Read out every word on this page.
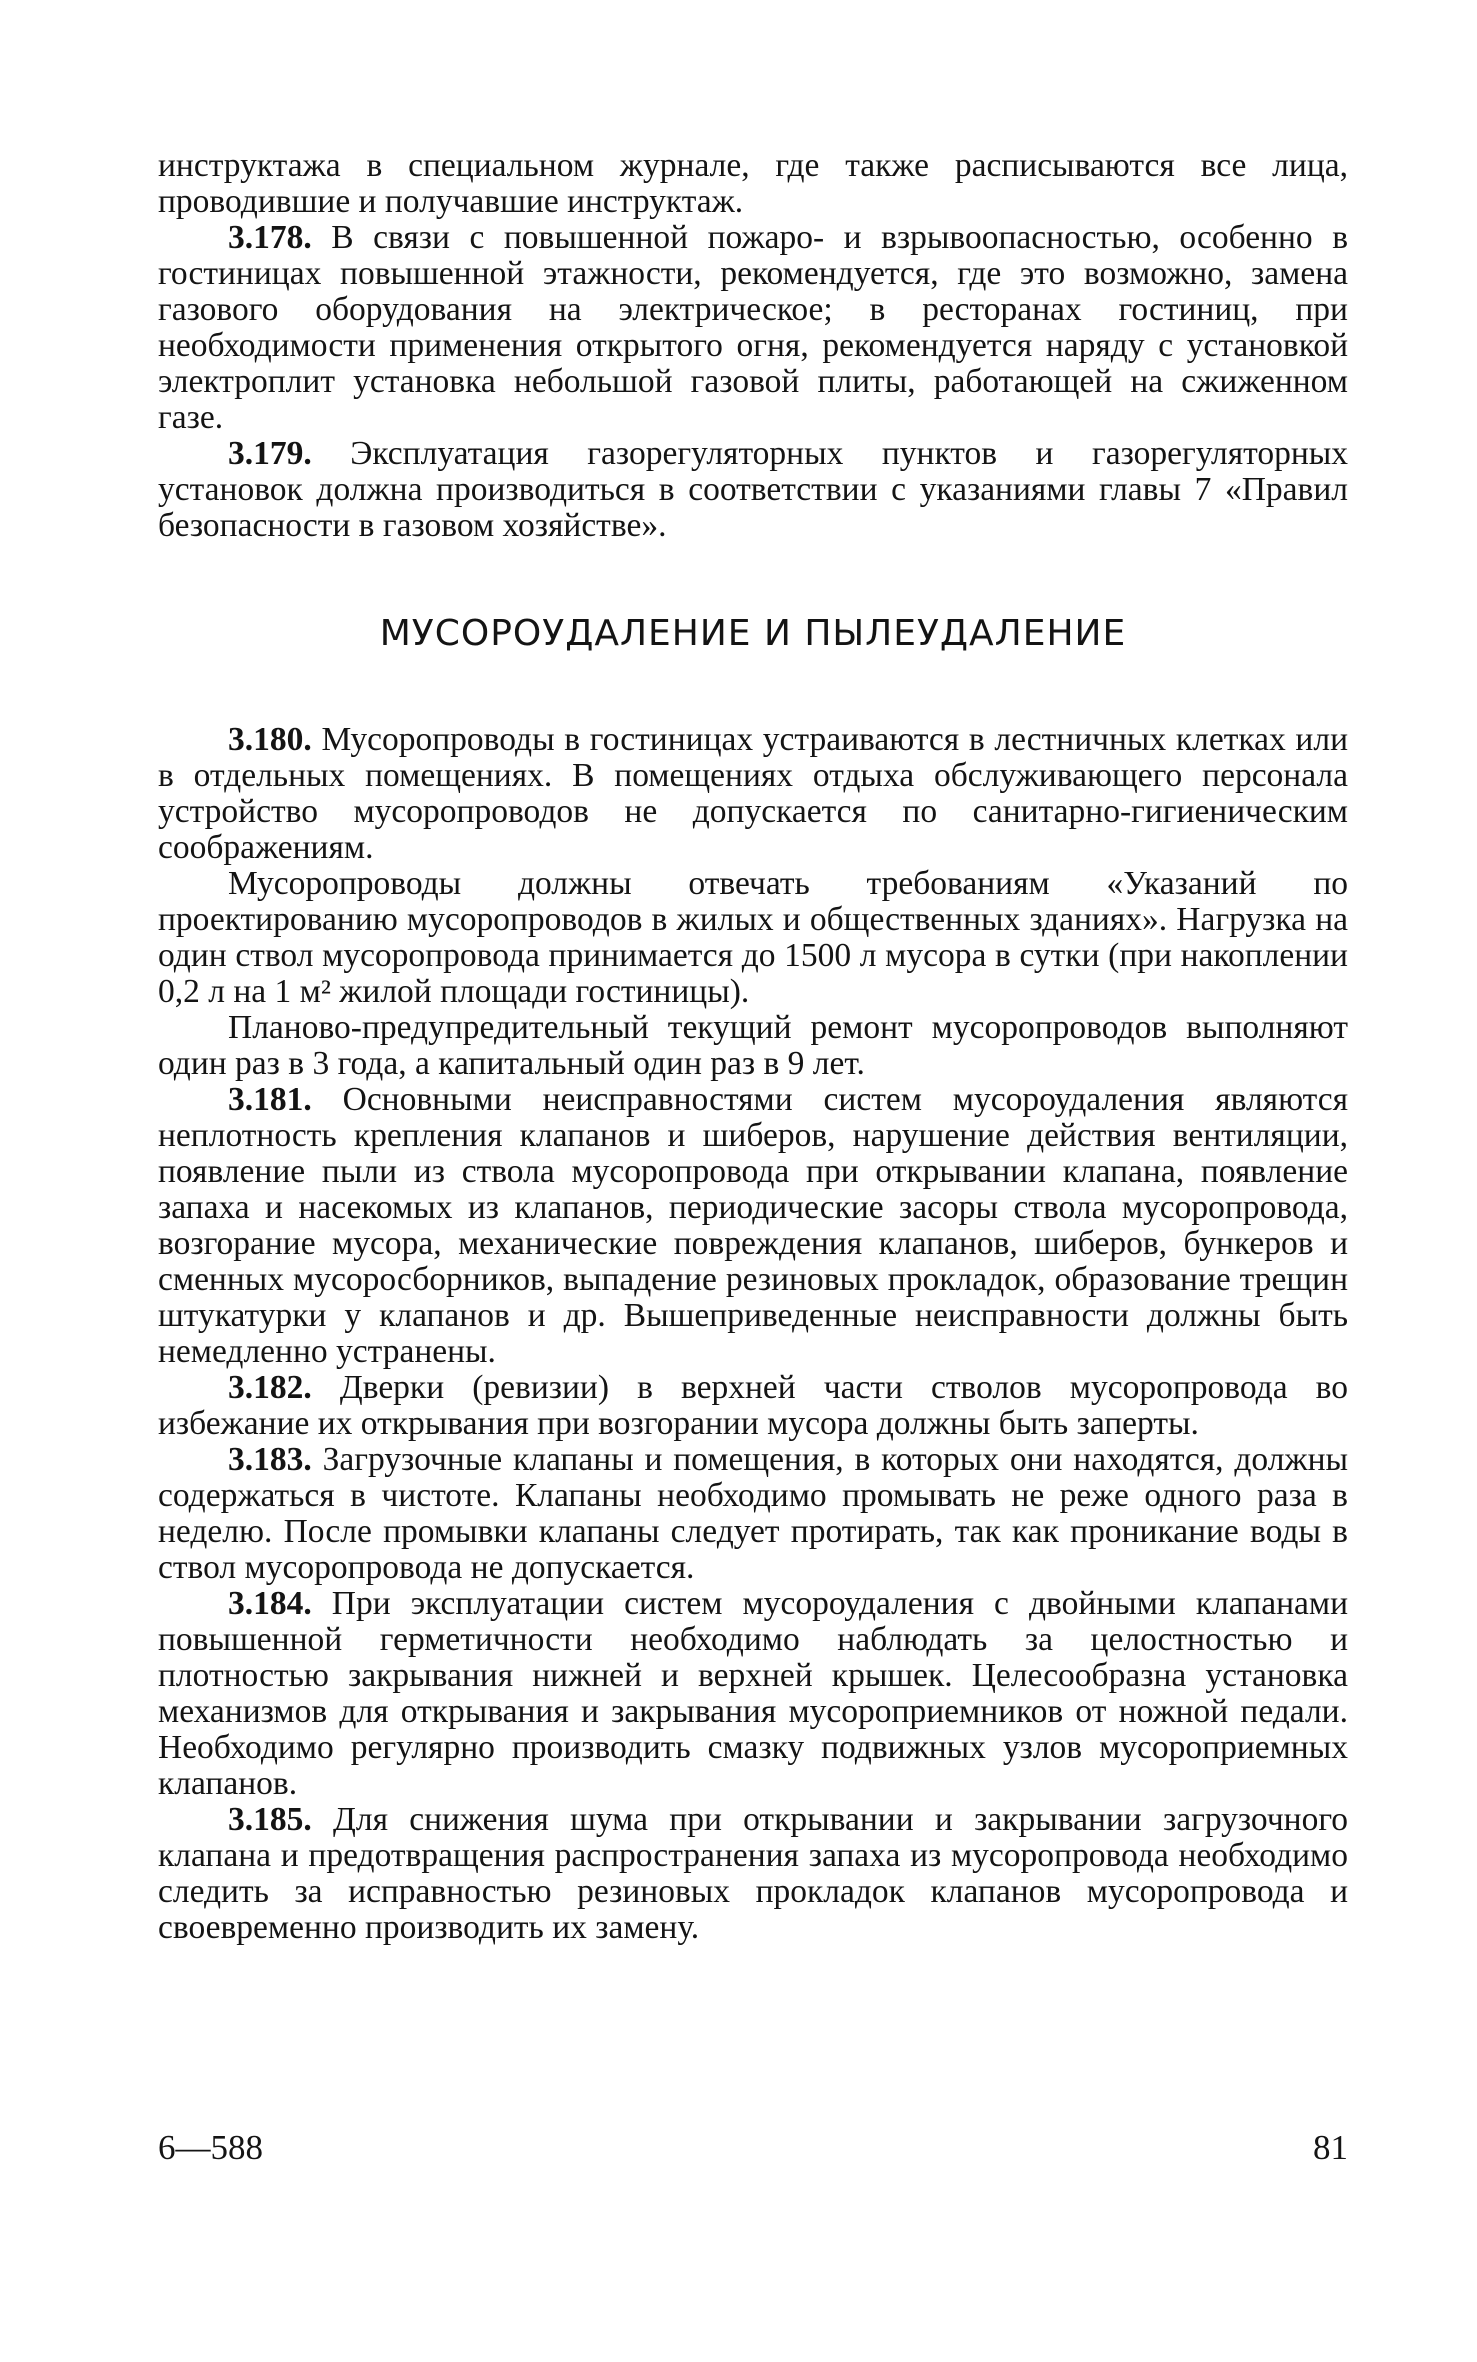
инструктажа в специальном журнале, где также расписываются все лица, проводившие и получавшие инструктаж.

3.178. В связи с повышенной пожаро- и взрывоопасностью, особенно в гостиницах повышенной этажности, рекомендуется, где это возможно, замена газового оборудования на электрическое; в ресторанах гостиниц, при необходимости применения открытого огня, рекомендуется наряду с установкой электроплит установка небольшой газовой плиты, работающей на сжиженном газе.

3.179. Эксплуатация газорегуляторных пунктов и газорегуляторных установок должна производиться в соответствии с указаниями главы 7 «Правил безопасности в газовом хозяйстве».

МУСОРОУДАЛЕНИЕ И ПЫЛЕУДАЛЕНИЕ

3.180. Мусоропроводы в гостиницах устраиваются в лестничных клетках или в отдельных помещениях. В помещениях отдыха обслуживающего персонала устройство мусоропроводов не допускается по санитарно-гигиеническим соображениям.

Мусоропроводы должны отвечать требованиям «Указаний по проектированию мусоропроводов в жилых и общественных зданиях». Нагрузка на один ствол мусоропровода принимается до 1500 л мусора в сутки (при накоплении 0,2 л на 1 м² жилой площади гостиницы).

Планово-предупредительный текущий ремонт мусоропроводов выполняют один раз в 3 года, а капитальный один раз в 9 лет.

3.181. Основными неисправностями систем мусороудаления являются неплотность крепления клапанов и шиберов, нарушение действия вентиляции, появление пыли из ствола мусоропровода при открывании клапана, появление запаха и насекомых из клапанов, периодические засоры ствола мусоропровода, возгорание мусора, механические повреждения клапанов, шиберов, бункеров и сменных мусоросборников, выпадение резиновых прокладок, образование трещин штукатурки у клапанов и др. Вышеприведенные неисправности должны быть немедленно устранены.

3.182. Дверки (ревизии) в верхней части стволов мусоропровода во избежание их открывания при возгорании мусора должны быть заперты.

3.183. Загрузочные клапаны и помещения, в которых они находятся, должны содержаться в чистоте. Клапаны необходимо промывать не реже одного раза в неделю. После промывки клапаны следует протирать, так как проникание воды в ствол мусоропровода не допускается.

3.184. При эксплуатации систем мусороудаления с двойными клапанами повышенной герметичности необходимо наблюдать за целостностью и плотностью закрывания нижней и верхней крышек. Целесообразна установка механизмов для открывания и закрывания мусороприемников от ножной педали. Необходимо регулярно производить смазку подвижных узлов мусороприемных клапанов.

3.185. Для снижения шума при открывании и закрывании загрузочного клапана и предотвращения распространения запаха из мусоропровода необходимо следить за исправностью резиновых прокладок клапанов мусоропровода и своевременно производить их замену.

6—588	81
